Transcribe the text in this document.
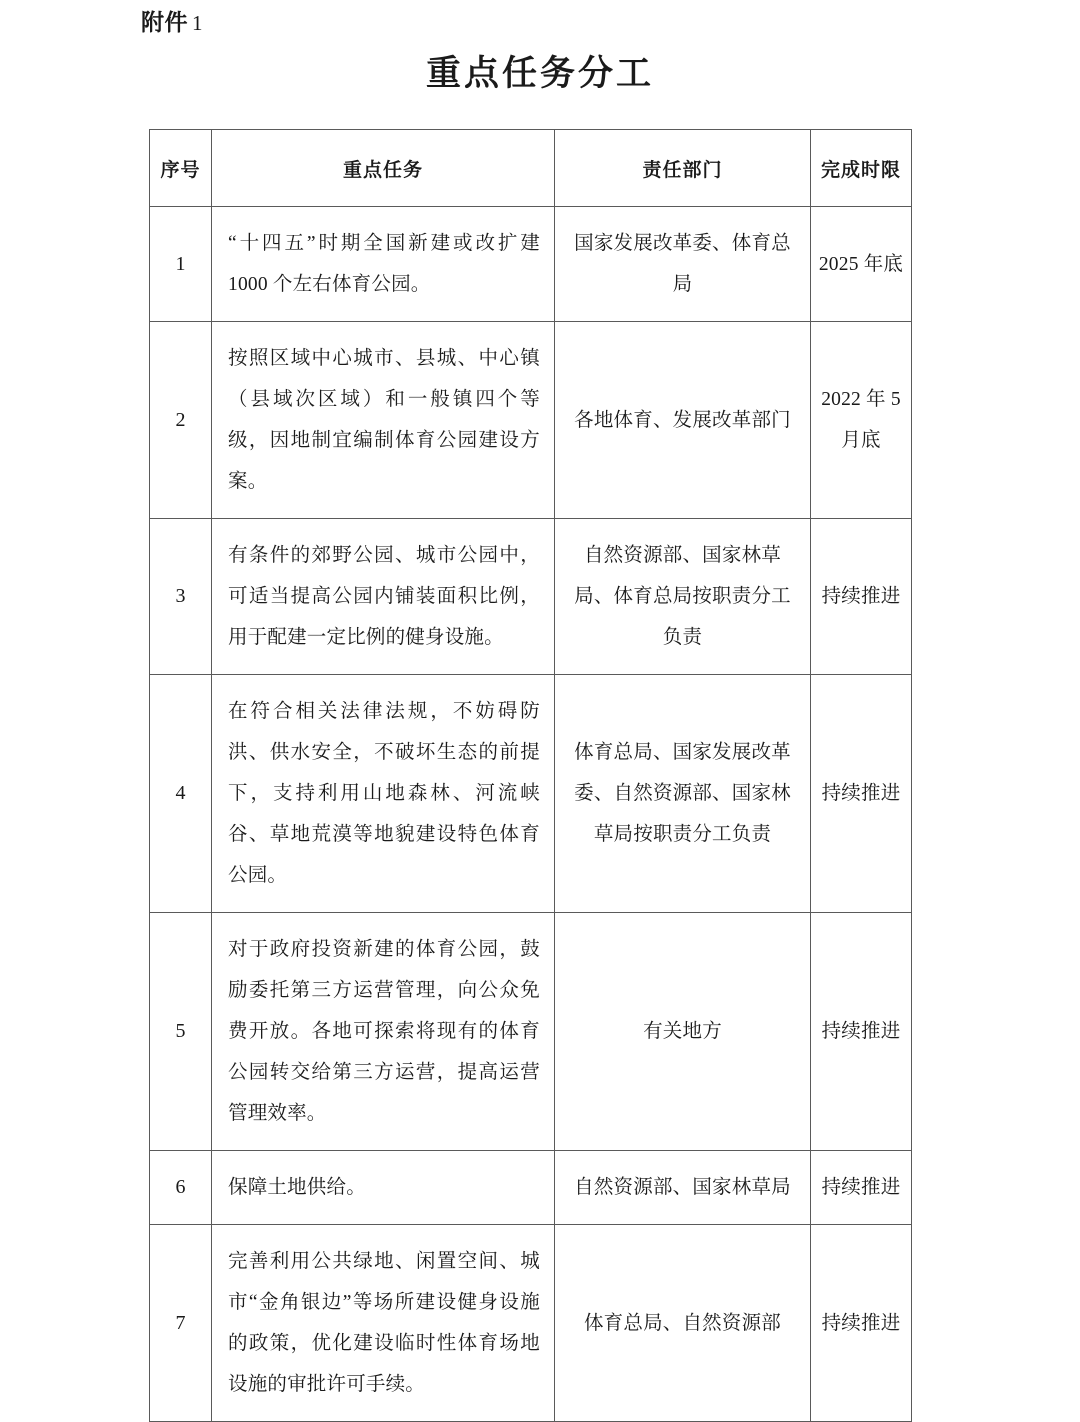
附件 1
重点任务分工
序号	重点任务	责任部门	完成时限
1	“十四五”时期全国新建或改扩建1000 个左右体育公园。	国家发展改革委、体育总局	2025 年底
2	按照区域中心城市、县城、中心镇（县域次区域）和一般镇四个等级，因地制宜编制体育公园建设方案。	各地体育、发展改革部门	2022 年 5 月底
3	有条件的郊野公园、城市公园中，可适当提高公园内铺装面积比例，用于配建一定比例的健身设施。	自然资源部、国家林草局、体育总局按职责分工负责	持续推进
4	在符合相关法律法规，不妨碍防洪、供水安全，不破坏生态的前提下，支持利用山地森林、河流峡谷、草地荒漠等地貌建设特色体育公园。	体育总局、国家发展改革委、自然资源部、国家林草局按职责分工负责	持续推进
5	对于政府投资新建的体育公园，鼓励委托第三方运营管理，向公众免费开放。各地可探索将现有的体育公园转交给第三方运营，提高运营管理效率。	有关地方	持续推进
6	保障土地供给。	自然资源部、国家林草局	持续推进
7	完善利用公共绿地、闲置空间、城市“金角银边”等场所建设健身设施的政策，优化建设临时性体育场地设施的审批许可手续。	体育总局、自然资源部	持续推进
